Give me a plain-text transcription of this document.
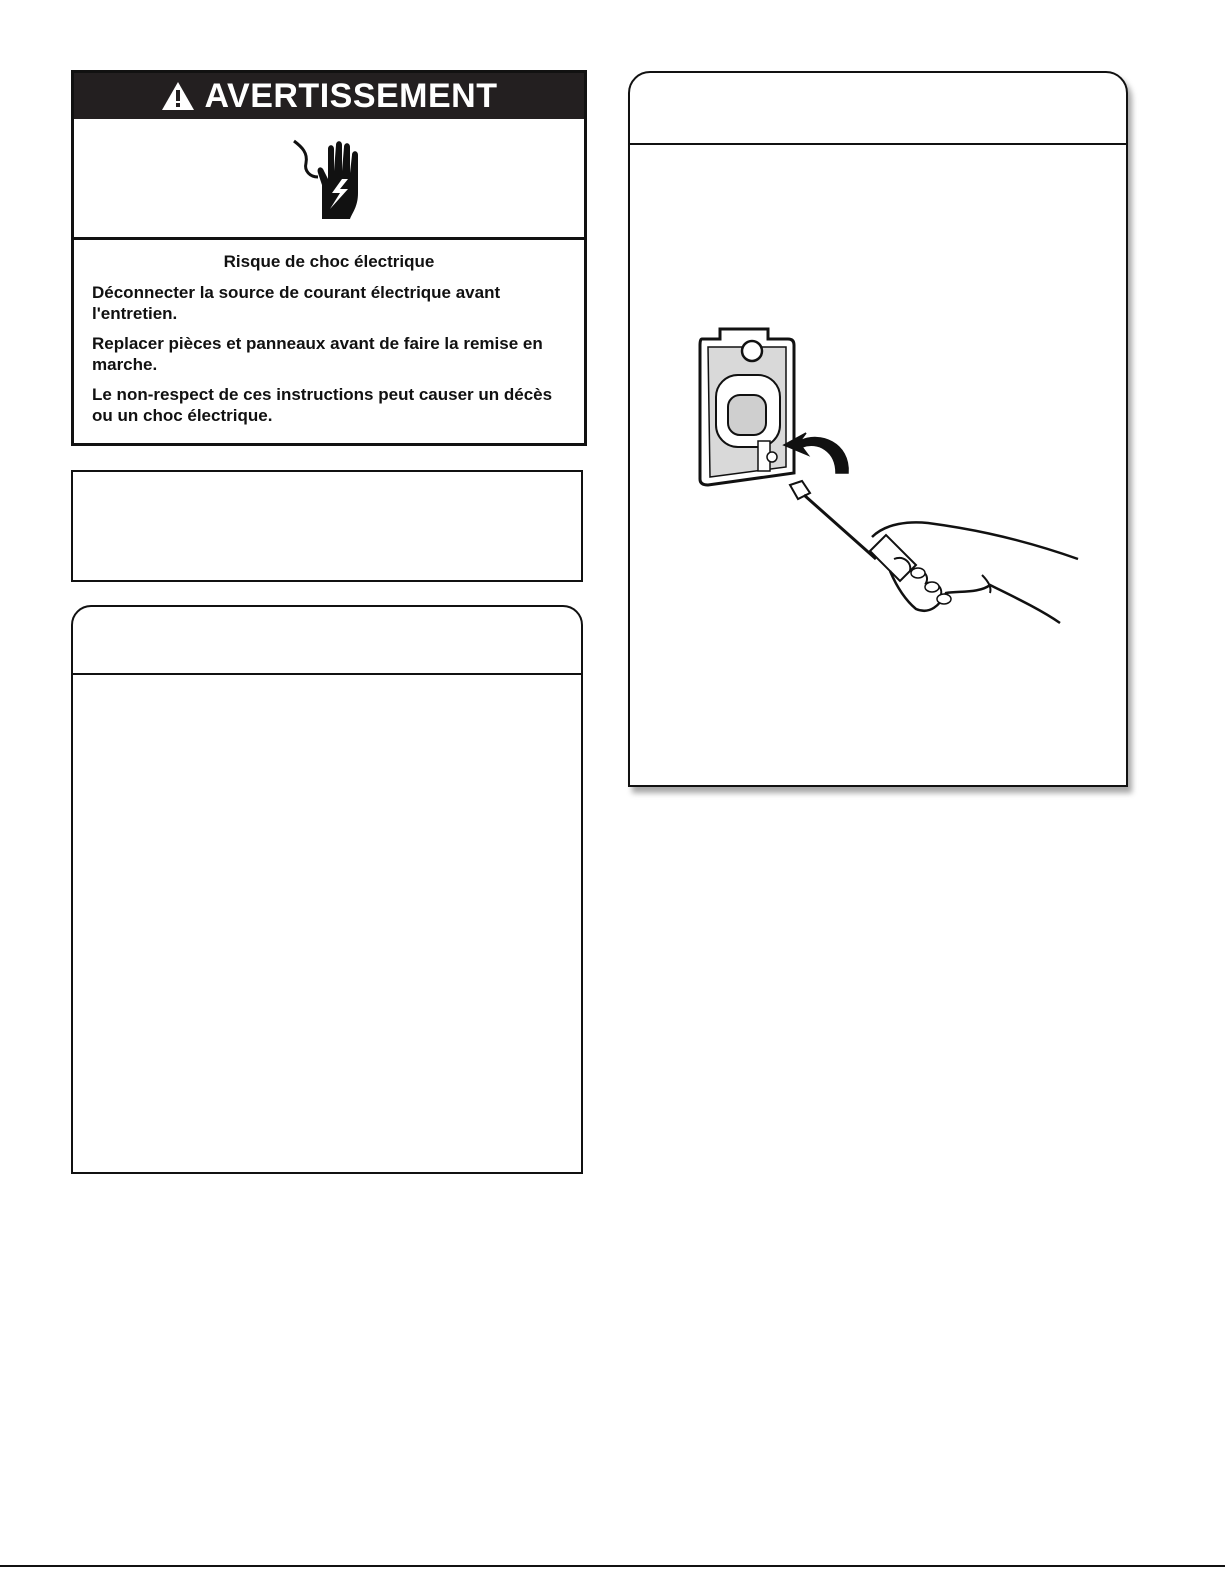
AVERTISSEMENT

Risque de choc électrique

Déconnecter la source de courant électrique avant l'entretien.

Replacer pièces et panneaux avant de faire la remise en marche.

Le non-respect de ces instructions peut causer un décès ou un choc électrique.
